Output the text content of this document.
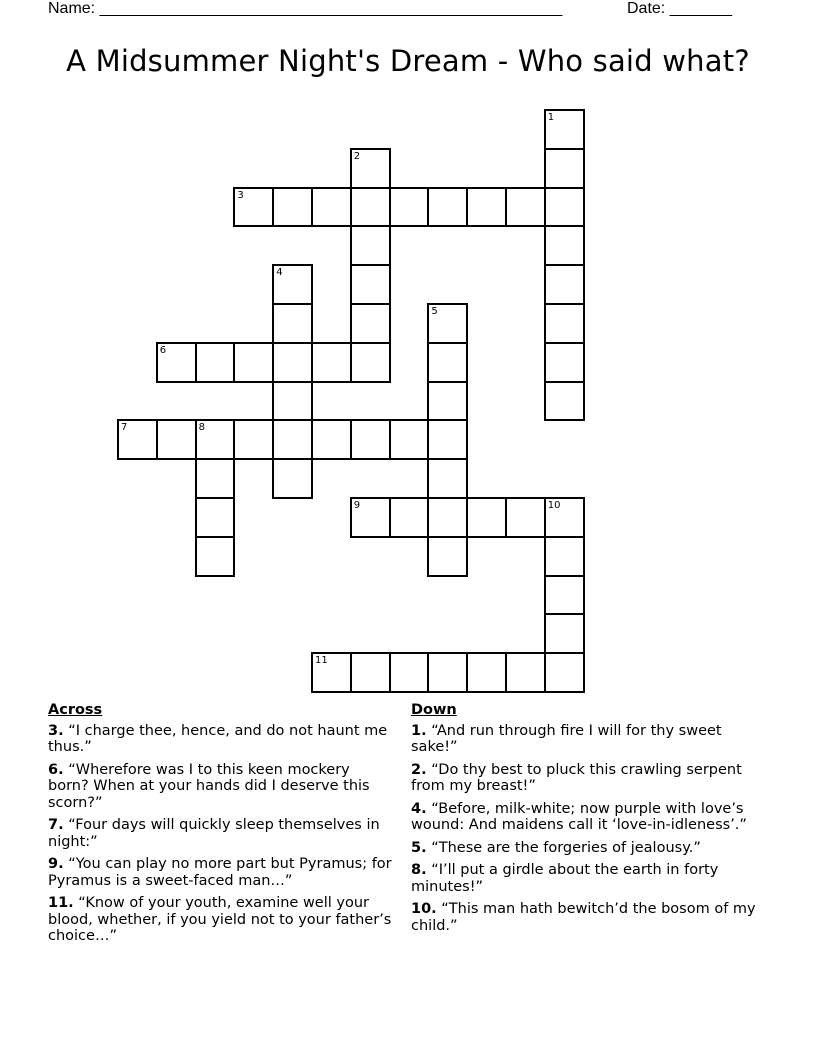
Name: ____________________________________________________	Date: _______
A Midsummer Night's Dream - Who said what?
1
2
3
4
5
6
7	8
9	10
11
Across
3. “I charge thee, hence, and do not haunt me thus.”
6. “Wherefore was I to this keen mockery born? When at your hands did I deserve this scorn?”
7. “Four days will quickly sleep themselves in night:”
9. “You can play no more part but Pyramus; for Pyramus is a sweet-faced man…”
11. “Know of your youth, examine well your blood, whether, if you yield not to your father’s choice…”
Down
1. “And run through fire I will for thy sweet sake!”
2. “Do thy best to pluck this crawling serpent from my breast!”
4. “Before, milk-white; now purple with love’s wound: And maidens call it ‘love-in-idleness’.”
5. “These are the forgeries of jealousy.”
8. “I’ll put a girdle about the earth in forty minutes!”
10. “This man hath bewitch’d the bosom of my child.”
